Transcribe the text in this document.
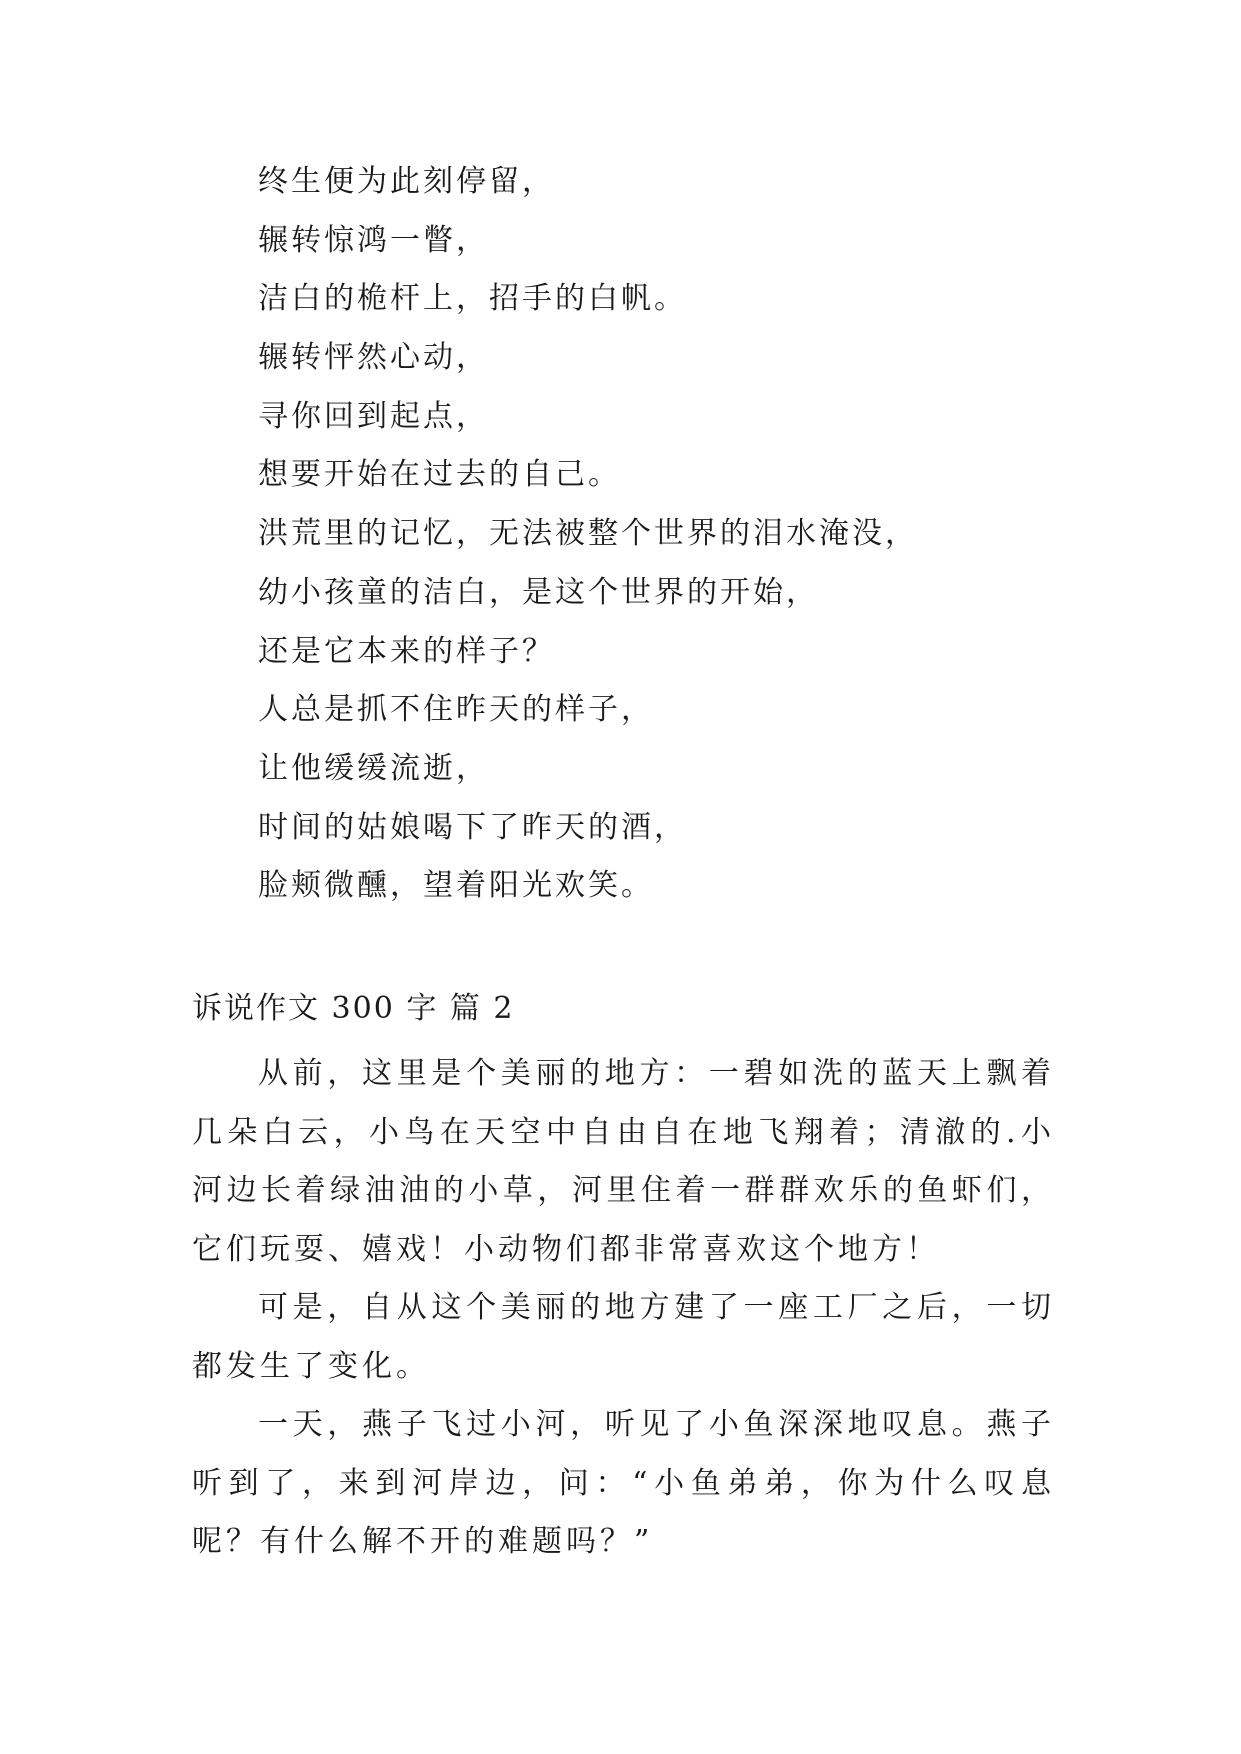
终生便为此刻停留，
辗转惊鸿一瞥，
洁白的桅杆上，招手的白帆。
辗转怦然心动，
寻你回到起点，
想要开始在过去的自己。
洪荒里的记忆，无法被整个世界的泪水淹没，
幼小孩童的洁白，是这个世界的开始，
还是它本来的样子？
人总是抓不住昨天的样子，
让他缓缓流逝，
时间的姑娘喝下了昨天的酒，
脸颊微醺，望着阳光欢笑。
诉说作文 300 字 篇 2

从前，这里是个美丽的地方：一碧如洗的蓝天上飘着几朵白云，小鸟在天空中自由自在地飞翔着；清澈的.小河边长着绿油油的小草，河里住着一群群欢乐的鱼虾们，它们玩耍、嬉戏！小动物们都非常喜欢这个地方！

可是，自从这个美丽的地方建了一座工厂之后，一切都发生了变化。

一天，燕子飞过小河，听见了小鱼深深地叹息。燕子听到了，来到河岸边，问：“小鱼弟弟，你为什么叹息呢？有什么解不开的难题吗？”
